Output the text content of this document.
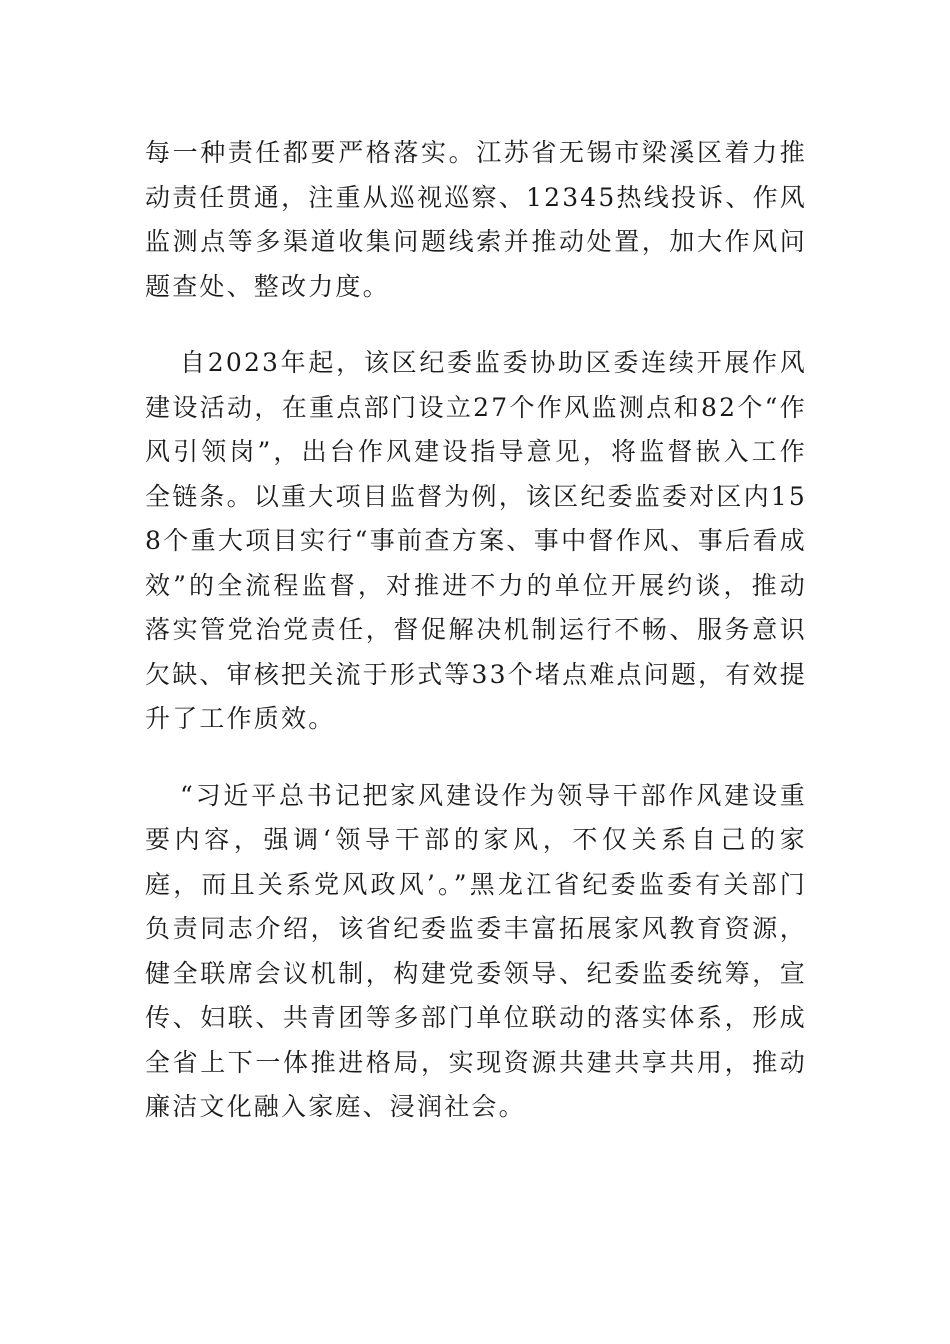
每一种责任都要严格落实。江苏省无锡市梁溪区着力推动责任贯通，注重从巡视巡察、12345热线投诉、作风监测点等多渠道收集问题线索并推动处置，加大作风问题查处、整改力度。

自2023年起，该区纪委监委协助区委连续开展作风建设活动，在重点部门设立27个作风监测点和82个“作风引领岗”，出台作风建设指导意见，将监督嵌入工作全链条。以重大项目监督为例，该区纪委监委对区内158个重大项目实行“事前查方案、事中督作风、事后看成效”的全流程监督，对推进不力的单位开展约谈，推动落实管党治党责任，督促解决机制运行不畅、服务意识欠缺、审核把关流于形式等33个堵点难点问题，有效提升了工作质效。

“习近平总书记把家风建设作为领导干部作风建设重要内容，强调‘领导干部的家风，不仅关系自己的家庭，而且关系党风政风’。”黑龙江省纪委监委有关部门负责同志介绍，该省纪委监委丰富拓展家风教育资源，健全联席会议机制，构建党委领导、纪委监委统筹，宣传、妇联、共青团等多部门单位联动的落实体系，形成全省上下一体推进格局，实现资源共建共享共用，推动廉洁文化融入家庭、浸润社会。
